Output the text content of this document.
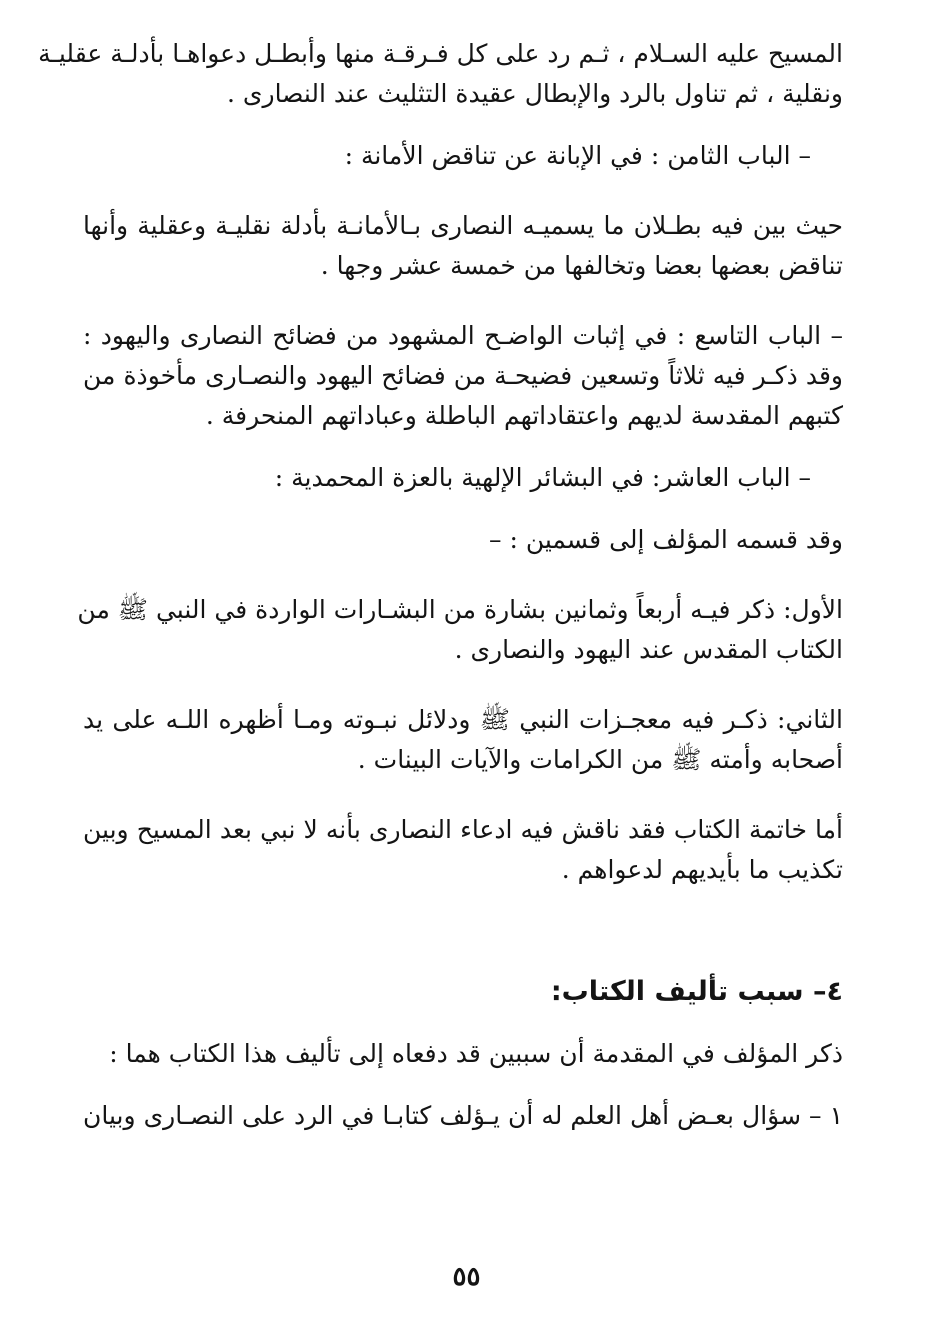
المسيح عليه السـلام ، ثـم رد على كل فـرقـة منها وأبطـل دعواهـا بأدلـة عقليـة

ونقلية ، ثم تناول بالرد والإبطال عقيدة التثليث عند النصارى .

– الباب الثامن : في الإبانة عن تناقض الأمانة :

حيث بين فيه بطـلان ما يسميـه النصارى بـالأمانـة بأدلة نقليـة وعقلية وأنها

تناقض بعضها بعضا وتخالفها من خمسة عشر وجها .

– الباب التاسع : في إثبات الواضـح المشهود من فضائح النصارى واليهود :

وقد ذكـر فيه ثلاثاً وتسعين فضيحـة من فضائح اليهود والنصـارى مأخوذة من

كتبهم المقدسة لديهم واعتقاداتهم الباطلة وعباداتهم المنحرفة .

– الباب العاشر: في البشائر الإلهية بالعزة المحمدية :

وقد قسمه المؤلف إلى قسمين : –

الأول: ذكر فيـه أربعاً وثمانين بشارة من البشـارات الواردة في النبي ﷺ من

الكتاب المقدس عند اليهود والنصارى .

الثاني: ذكـر فيه معجـزات النبي ﷺ ودلائل نبـوته ومـا أظهره اللـه على يد

أصحابه وأمته ﷺ من الكرامات والآيات البينات .

أما خاتمة الكتاب فقد ناقش فيه ادعاء النصارى بأنه لا نبي بعد المسيح وبين

تكذيب ما بأيديهم لدعواهم .

٤– سبب تأليف الكتاب:

ذكر المؤلف في المقدمة أن سببين قد دفعاه إلى تأليف هذا الكتاب هما :

١ – سؤال بعـض أهل العلم له أن يـؤلف كتابـا في الرد على النصـارى وبيان

٥٥
